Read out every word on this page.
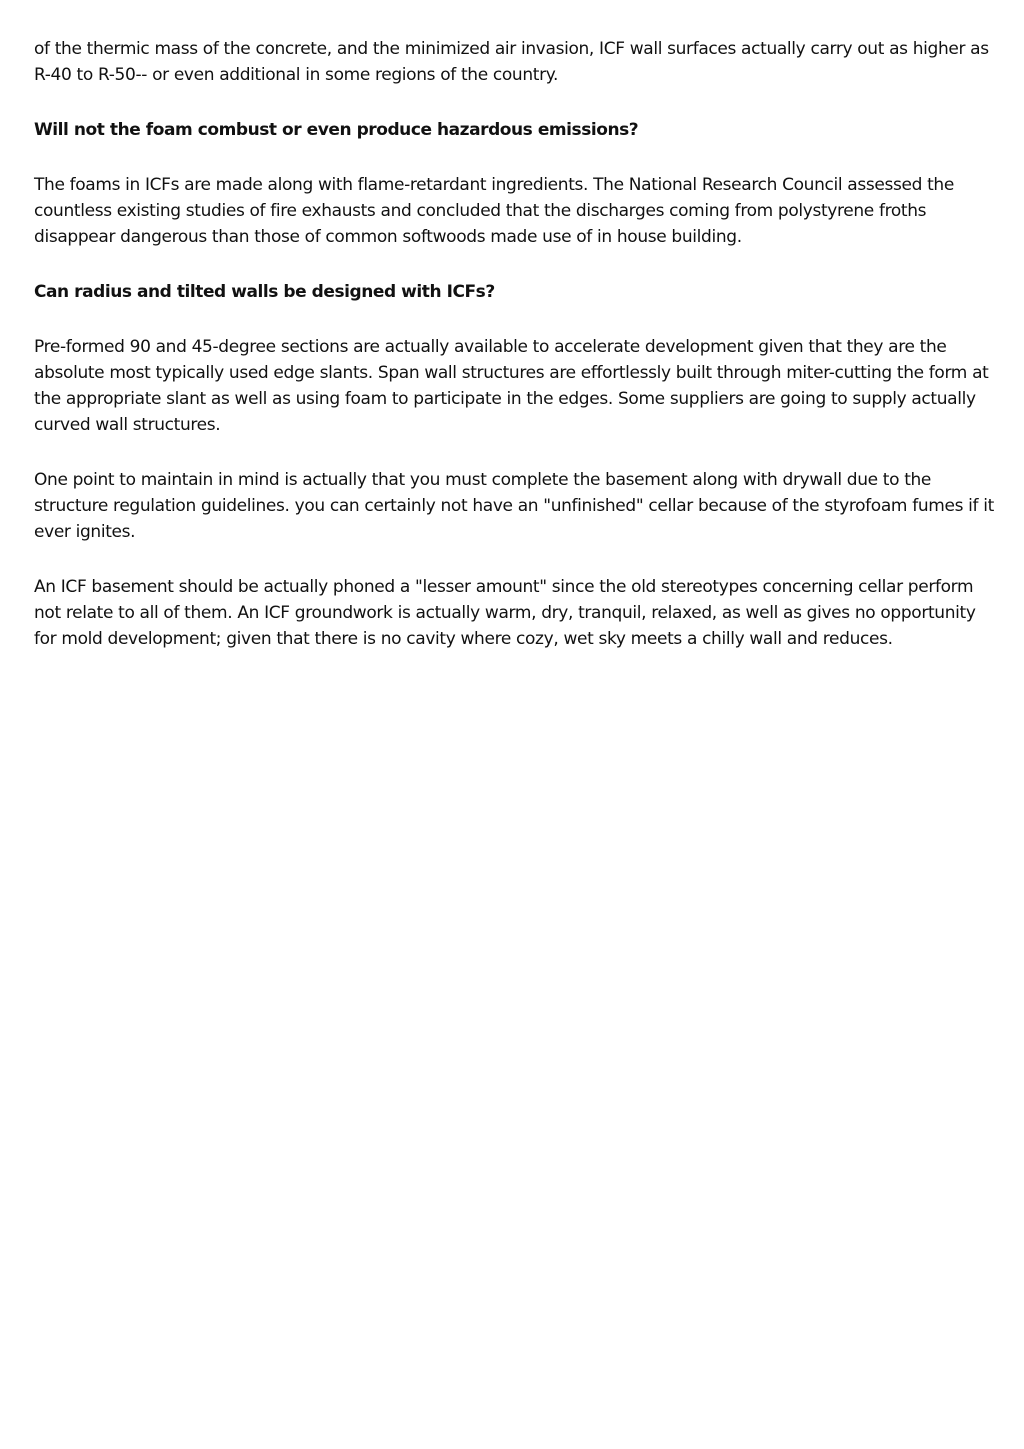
of the thermic mass of the concrete, and the minimized air invasion, ICF wall surfaces actually carry out as higher as R-40 to R-50-- or even additional in some regions of the country.

Will not the foam combust or even produce hazardous emissions?

The foams in ICFs are made along with flame-retardant ingredients. The National Research Council assessed the countless existing studies of fire exhausts and concluded that the discharges coming from polystyrene froths disappear dangerous than those of common softwoods made use of in house building.

Can radius and tilted walls be designed with ICFs?

Pre-formed 90 and 45-degree sections are actually available to accelerate development given that they are the absolute most typically used edge slants. Span wall structures are effortlessly built through miter-cutting the form at the appropriate slant as well as using foam to participate in the edges. Some suppliers are going to supply actually curved wall structures.

One point to maintain in mind is actually that you must complete the basement along with drywall due to the structure regulation guidelines. you can certainly not have an "unfinished" cellar because of the styrofoam fumes if it ever ignites.

An ICF basement should be actually phoned a "lesser amount" since the old stereotypes concerning cellar perform not relate to all of them. An ICF groundwork is actually warm, dry, tranquil, relaxed, as well as gives no opportunity for mold development; given that there is no cavity where cozy, wet sky meets a chilly wall and reduces.
